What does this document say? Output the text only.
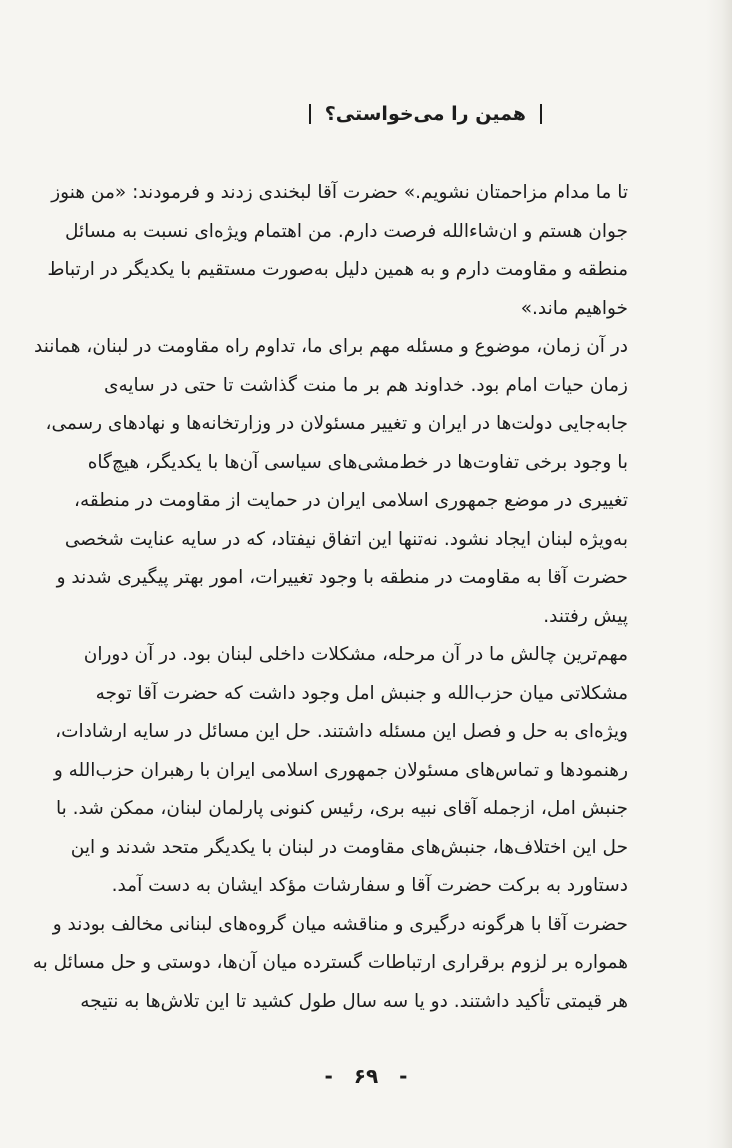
همین را می‌خواستی؟
تا ما مدام مزاحمتان نشویم.» حضرت آقا لبخندی زدند و فرمودند: «من هنوز
جوان هستم و ان‌شاءالله فرصت دارم. من اهتمام ویژه‌ای نسبت به مسائل
منطقه و مقاومت دارم و به همین دلیل به‌صورت مستقیم با یکدیگر در ارتباط
خواهیم ماند.»
در آن زمان، موضوع و مسئله مهم برای ما، تداوم راه مقاومت در لبنان، همانند
زمان حیات امام بود. خداوند هم بر ما منت گذاشت تا حتی در سایه‌ی
جابه‌جایی دولت‌ها در ایران و تغییر مسئولان در وزارتخانه‌ها و نهادهای رسمی،
با وجود برخی تفاوت‌ها در خط‌مشی‌های سیاسی آن‌ها با یکدیگر، هیچ‌گاه
تغییری در موضع جمهوری اسلامی ایران در حمایت از مقاومت در منطقه،
به‌ویژه لبنان ایجاد نشود. نه‌تنها این اتفاق نیفتاد، که در سایه عنایت شخصی
حضرت آقا به مقاومت در منطقه با وجود تغییرات، امور بهتر پیگیری شدند و
پیش رفتند.
مهم‌ترین چالش ما در آن مرحله، مشکلات داخلی لبنان بود. در آن دوران
مشکلاتی میان حزب‌الله و جنبش امل وجود داشت که حضرت آقا توجه
ویژه‌ای به حل و فصل این مسئله داشتند. حل این مسائل در سایه ارشادات،
رهنمودها و تماس‌های مسئولان جمهوری اسلامی ایران با رهبران حزب‌الله و
جنبش امل، ازجمله آقای نبیه بری، رئیس کنونی پارلمان لبنان، ممکن شد. با
حل این اختلاف‌ها، جنبش‌های مقاومت در لبنان با یکدیگر متحد شدند و این
دستاورد به برکت حضرت آقا و سفارشات مؤکد ایشان به دست آمد.
حضرت آقا با هرگونه درگیری و مناقشه میان گروه‌های لبنانی مخالف بودند و
همواره بر لزوم برقراری ارتباطات گسترده میان آن‌ها، دوستی و حل مسائل به
هر قیمتی تأکید داشتند. دو یا سه سال طول کشید تا این تلاش‌ها به نتیجه
- ۶۹ -
